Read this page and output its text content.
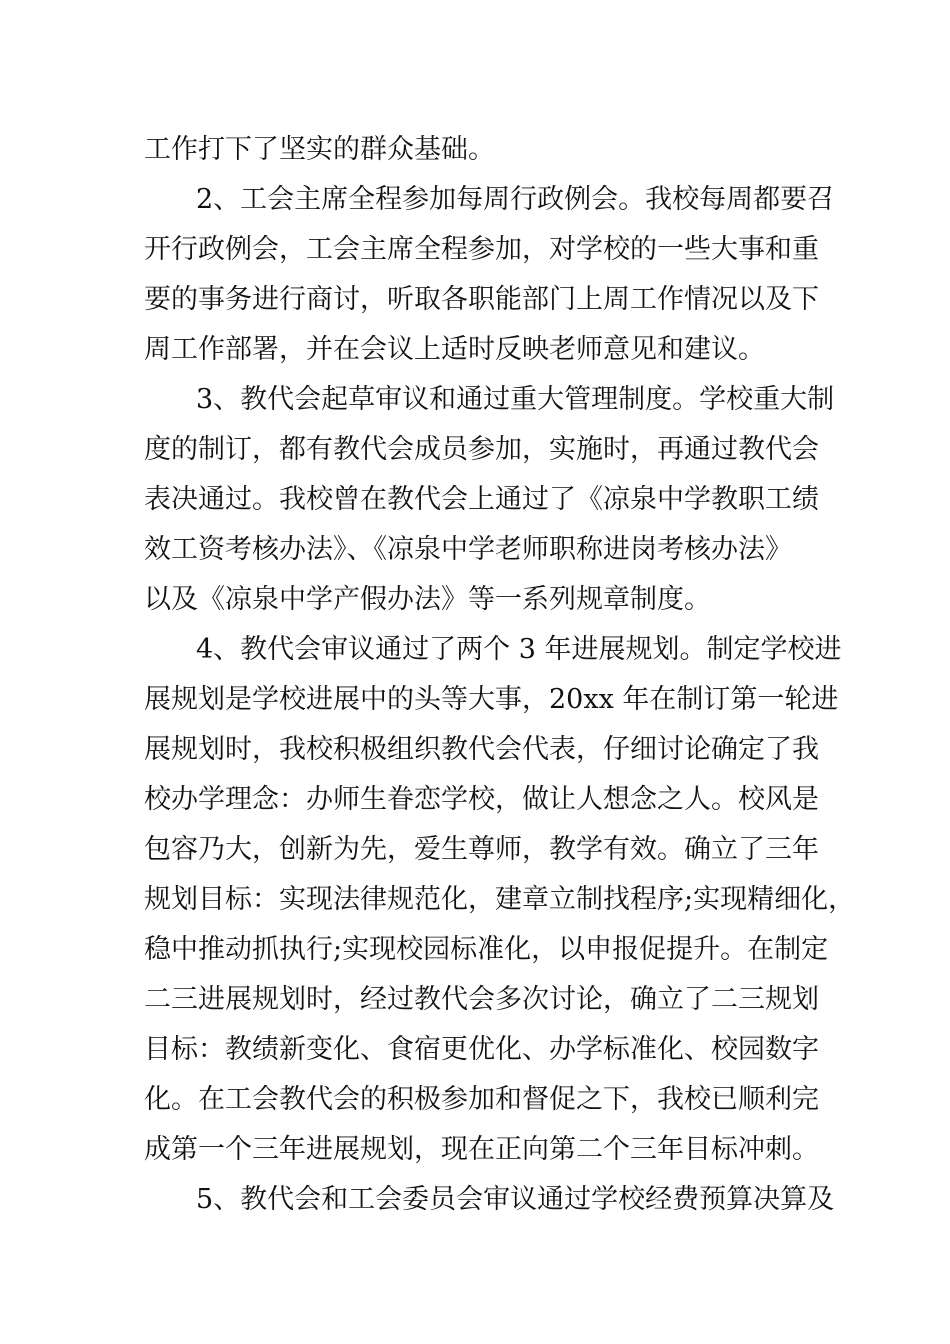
工作打下了坚实的群众基础。
2、工会主席全程参加每周行政例会。我校每周都要召
开行政例会，工会主席全程参加，对学校的一些大事和重
要的事务进行商讨，听取各职能部门上周工作情况以及下
周工作部署，并在会议上适时反映老师意见和建议。
3、教代会起草审议和通过重大管理制度。学校重大制
度的制订，都有教代会成员参加，实施时，再通过教代会
表决通过。我校曾在教代会上通过了《凉泉中学教职工绩
效工资考核办法》、《凉泉中学老师职称进岗考核办法》
以及《凉泉中学产假办法》等一系列规章制度。
4、教代会审议通过了两个 3 年进展规划。制定学校进
展规划是学校进展中的头等大事，20xx 年在制订第一轮进
展规划时，我校积极组织教代会代表，仔细讨论确定了我
校办学理念：办师生眷恋学校，做让人想念之人。校风是
包容乃大，创新为先，爱生尊师，教学有效。确立了三年
规划目标：实现法律规范化，建章立制找程序;实现精细化，
稳中推动抓执行;实现校园标准化，以申报促提升。在制定
二三进展规划时，经过教代会多次讨论，确立了二三规划
目标：教绩新变化、食宿更优化、办学标准化、校园数字
化。在工会教代会的积极参加和督促之下，我校已顺利完
成第一个三年进展规划，现在正向第二个三年目标冲刺。
5、教代会和工会委员会审议通过学校经费预算决算及
